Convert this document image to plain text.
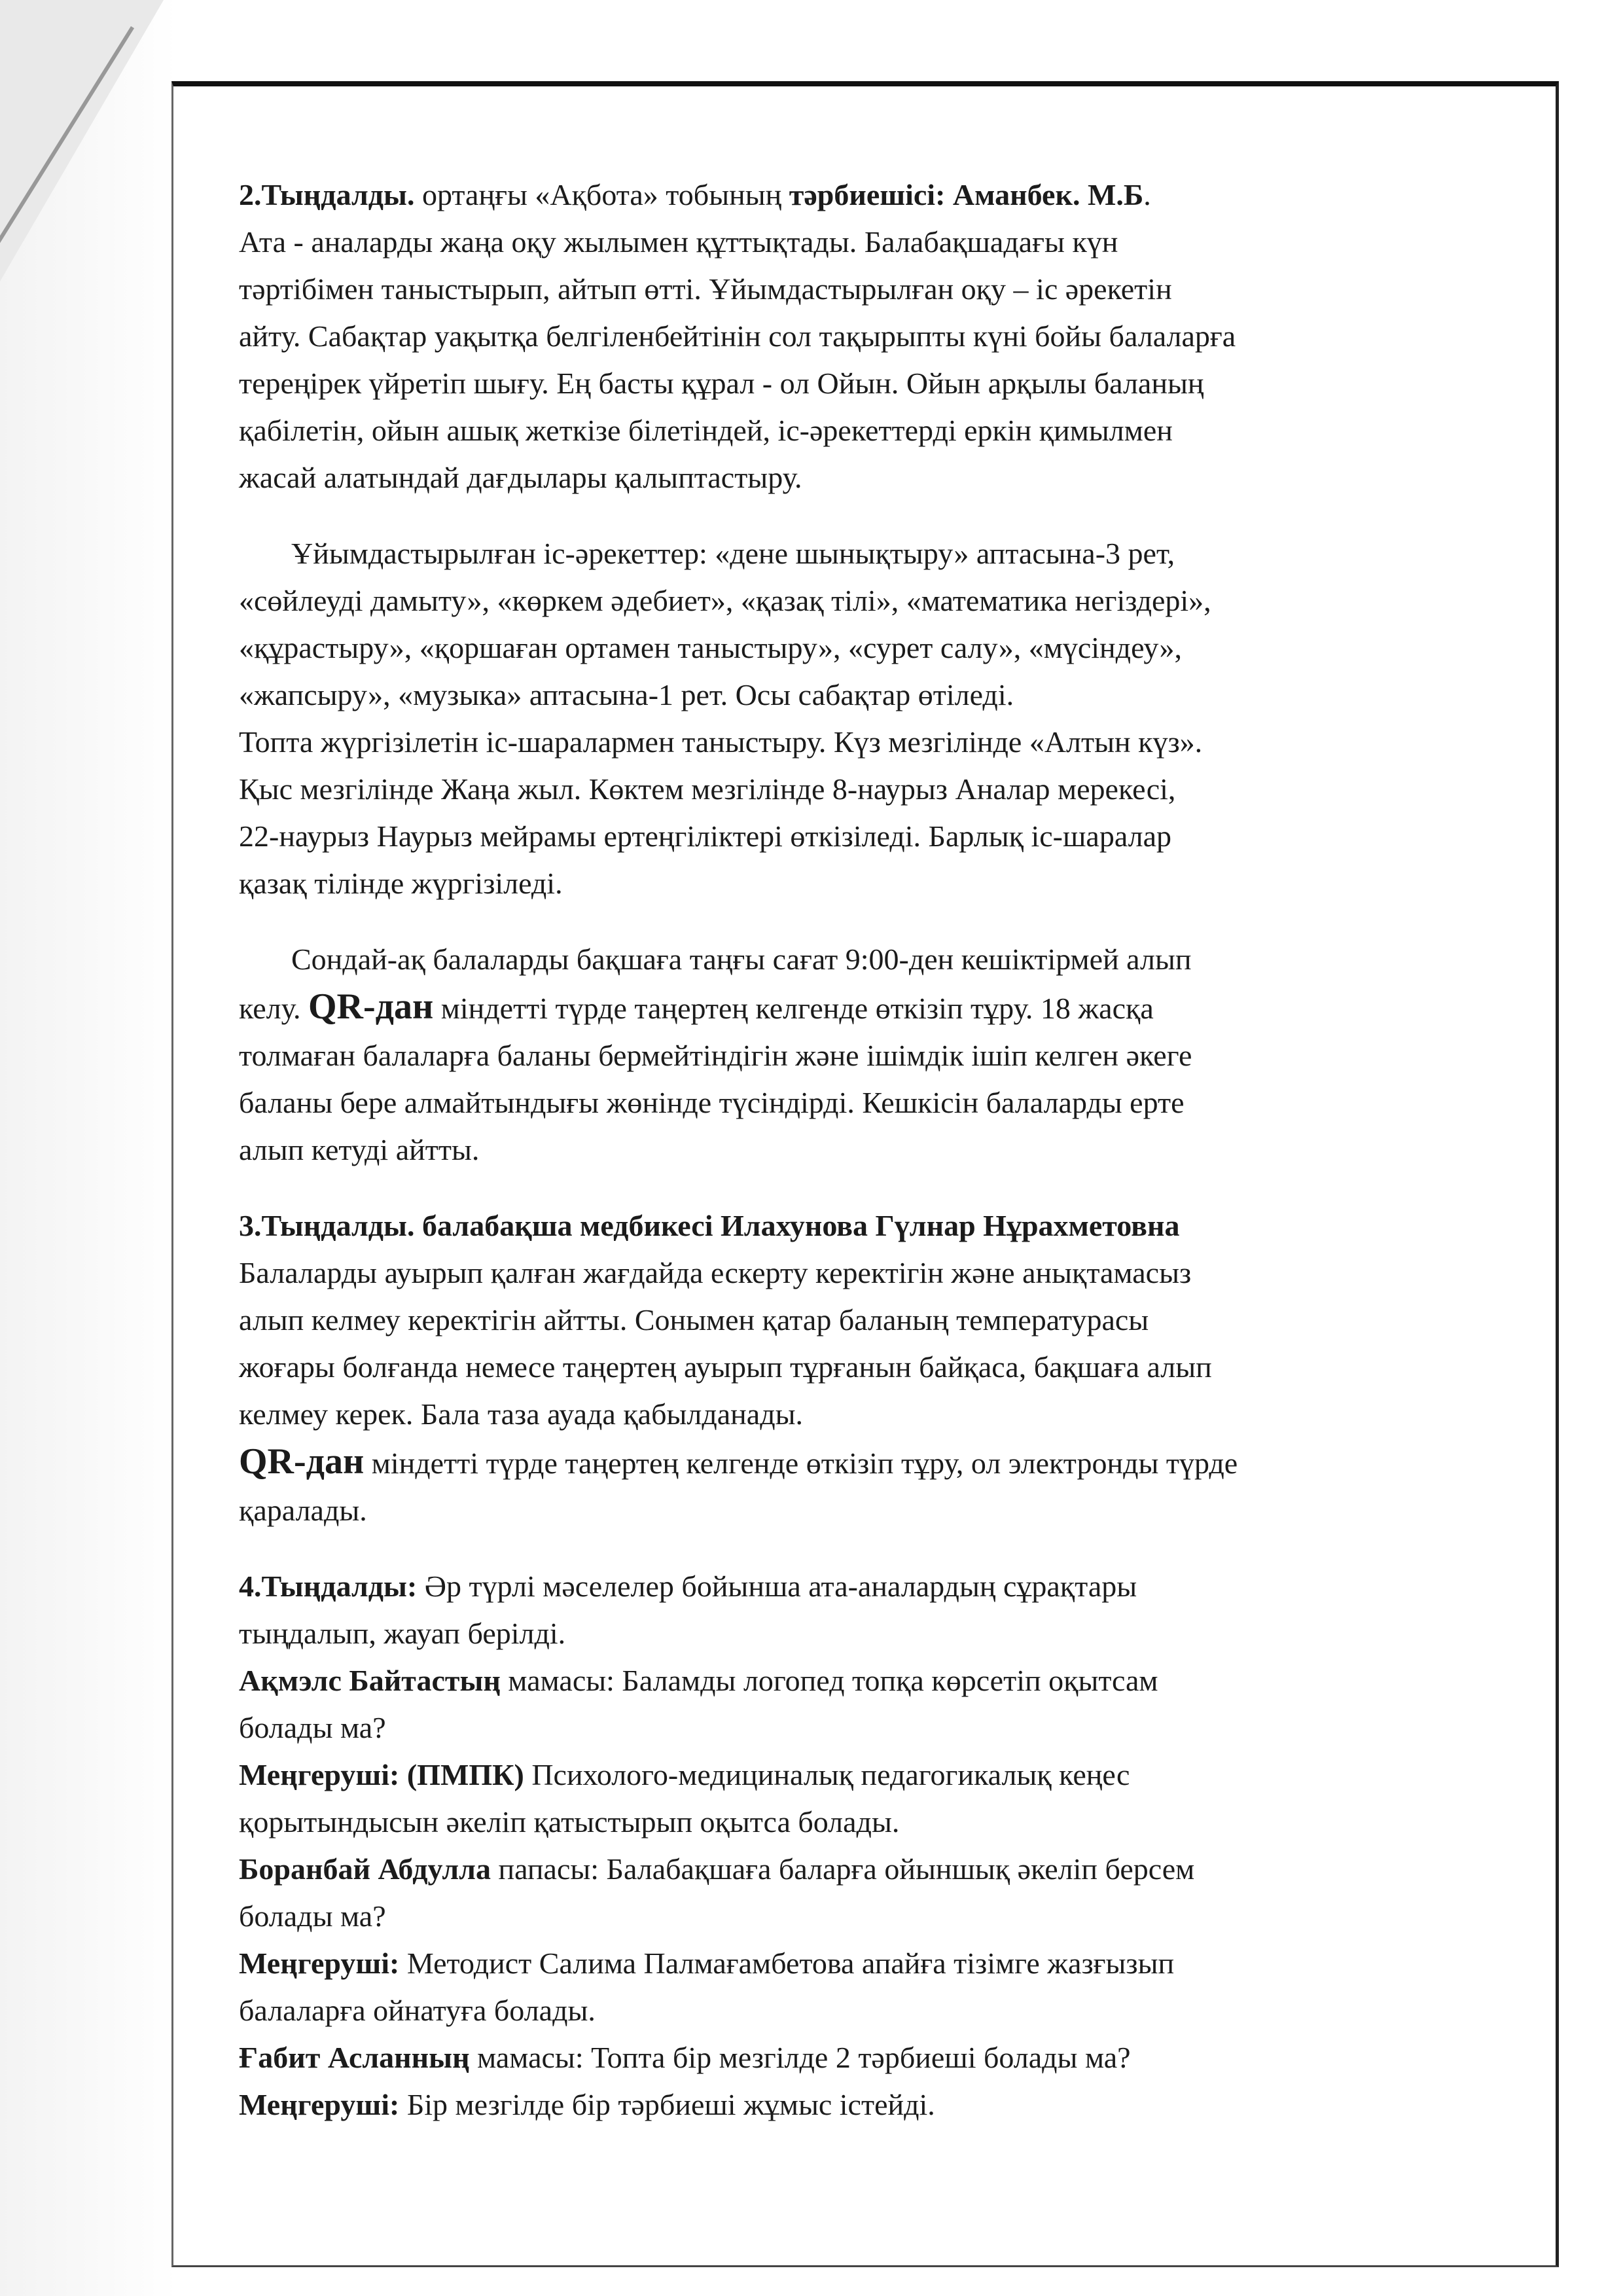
2.Тыңдалды. ортаңғы «Ақбота» тобының тәрбиешісі: Аманбек. М.Б.
Ата - аналарды жаңа оқу жылымен құттықтады. Балабақшадағы күн
тәртібімен таныстырып, айтып өтті. Ұйымдастырылған оқу – іс әрекетін
айту. Сабақтар уақытқа белгіленбейтінін сол тақырыпты күні бойы балаларға
тереңірек үйретіп шығу. Ең басты құрал - ол Ойын. Ойын арқылы баланың
қабілетін, ойын ашық жеткізе білетіндей, іс-әрекеттерді еркін қимылмен
жасай алатындай дағдылары қалыптастыру.
Ұйымдастырылған іс-әрекеттер: «дене шынықтыру» аптасына-3 рет,
«сөйлеуді дамыту», «көркем әдебиет», «қазақ тілі», «математика негіздері»,
«құрастыру», «қоршаған ортамен таныстыру», «сурет салу», «мүсіндеу»,
«жапсыру», «музыка» аптасына-1 рет. Осы сабақтар өтіледі.
Топта жүргізілетін іс-шаралармен таныстыру. Күз мезгілінде «Алтын күз».
Қыс мезгілінде Жаңа жыл. Көктем мезгілінде 8-наурыз Аналар мерекесі,
22-наурыз Наурыз мейрамы ертеңгіліктері өткізіледі. Барлық іс-шаралар
қазақ тілінде жүргізіледі.
Сондай-ақ балаларды бақшаға таңғы сағат 9:00-ден кешіктірмей алып
келу. QR-дан міндетті түрде таңертең келгенде өткізіп тұру. 18 жасқа
толмаған балаларға баланы бермейтіндігін және ішімдік ішіп келген әкеге
баланы бере алмайтындығы жөнінде түсіндірді. Кешкісін балаларды ерте
алып кетуді айтты.
3.Тыңдалды. балабақша медбикесі Илахунова Гүлнар Нұрахметовна
Балаларды ауырып қалған жағдайда ескерту керектігін және анықтамасыз
алып келмеу керектігін айтты. Сонымен қатар баланың температурасы
жоғары болғанда немесе таңертең ауырып тұрғанын байқаса, бақшаға алып
келмеу керек. Бала таза ауада қабылданады.
QR-дан міндетті түрде таңертең келгенде өткізіп тұру, ол электронды түрде
қаралады.
4.Тыңдалды: Әр түрлі мәселелер бойынша ата-аналардың сұрақтары
тыңдалып, жауап берілді.
Ақмэлс Байтастың мамасы: Баламды логопед топқа көрсетіп оқытсам
болады ма?
Меңгеруші: (ПМПК) Психолого-медициналық педагогикалық кеңес
қорытындысын әкеліп қатыстырып оқытса болады.
Боранбай Абдулла папасы: Балабақшаға баларға ойыншық әкеліп берсем
болады ма?
Меңгеруші: Методист Салима Палмағамбетова апайға тізімге жазғызып
балаларға ойнатуға болады.
Ғабит Асланның мамасы: Топта бір мезгілде 2 тәрбиеші болады ма?
Меңгеруші: Бір мезгілде бір тәрбиеші жұмыс істейді.
